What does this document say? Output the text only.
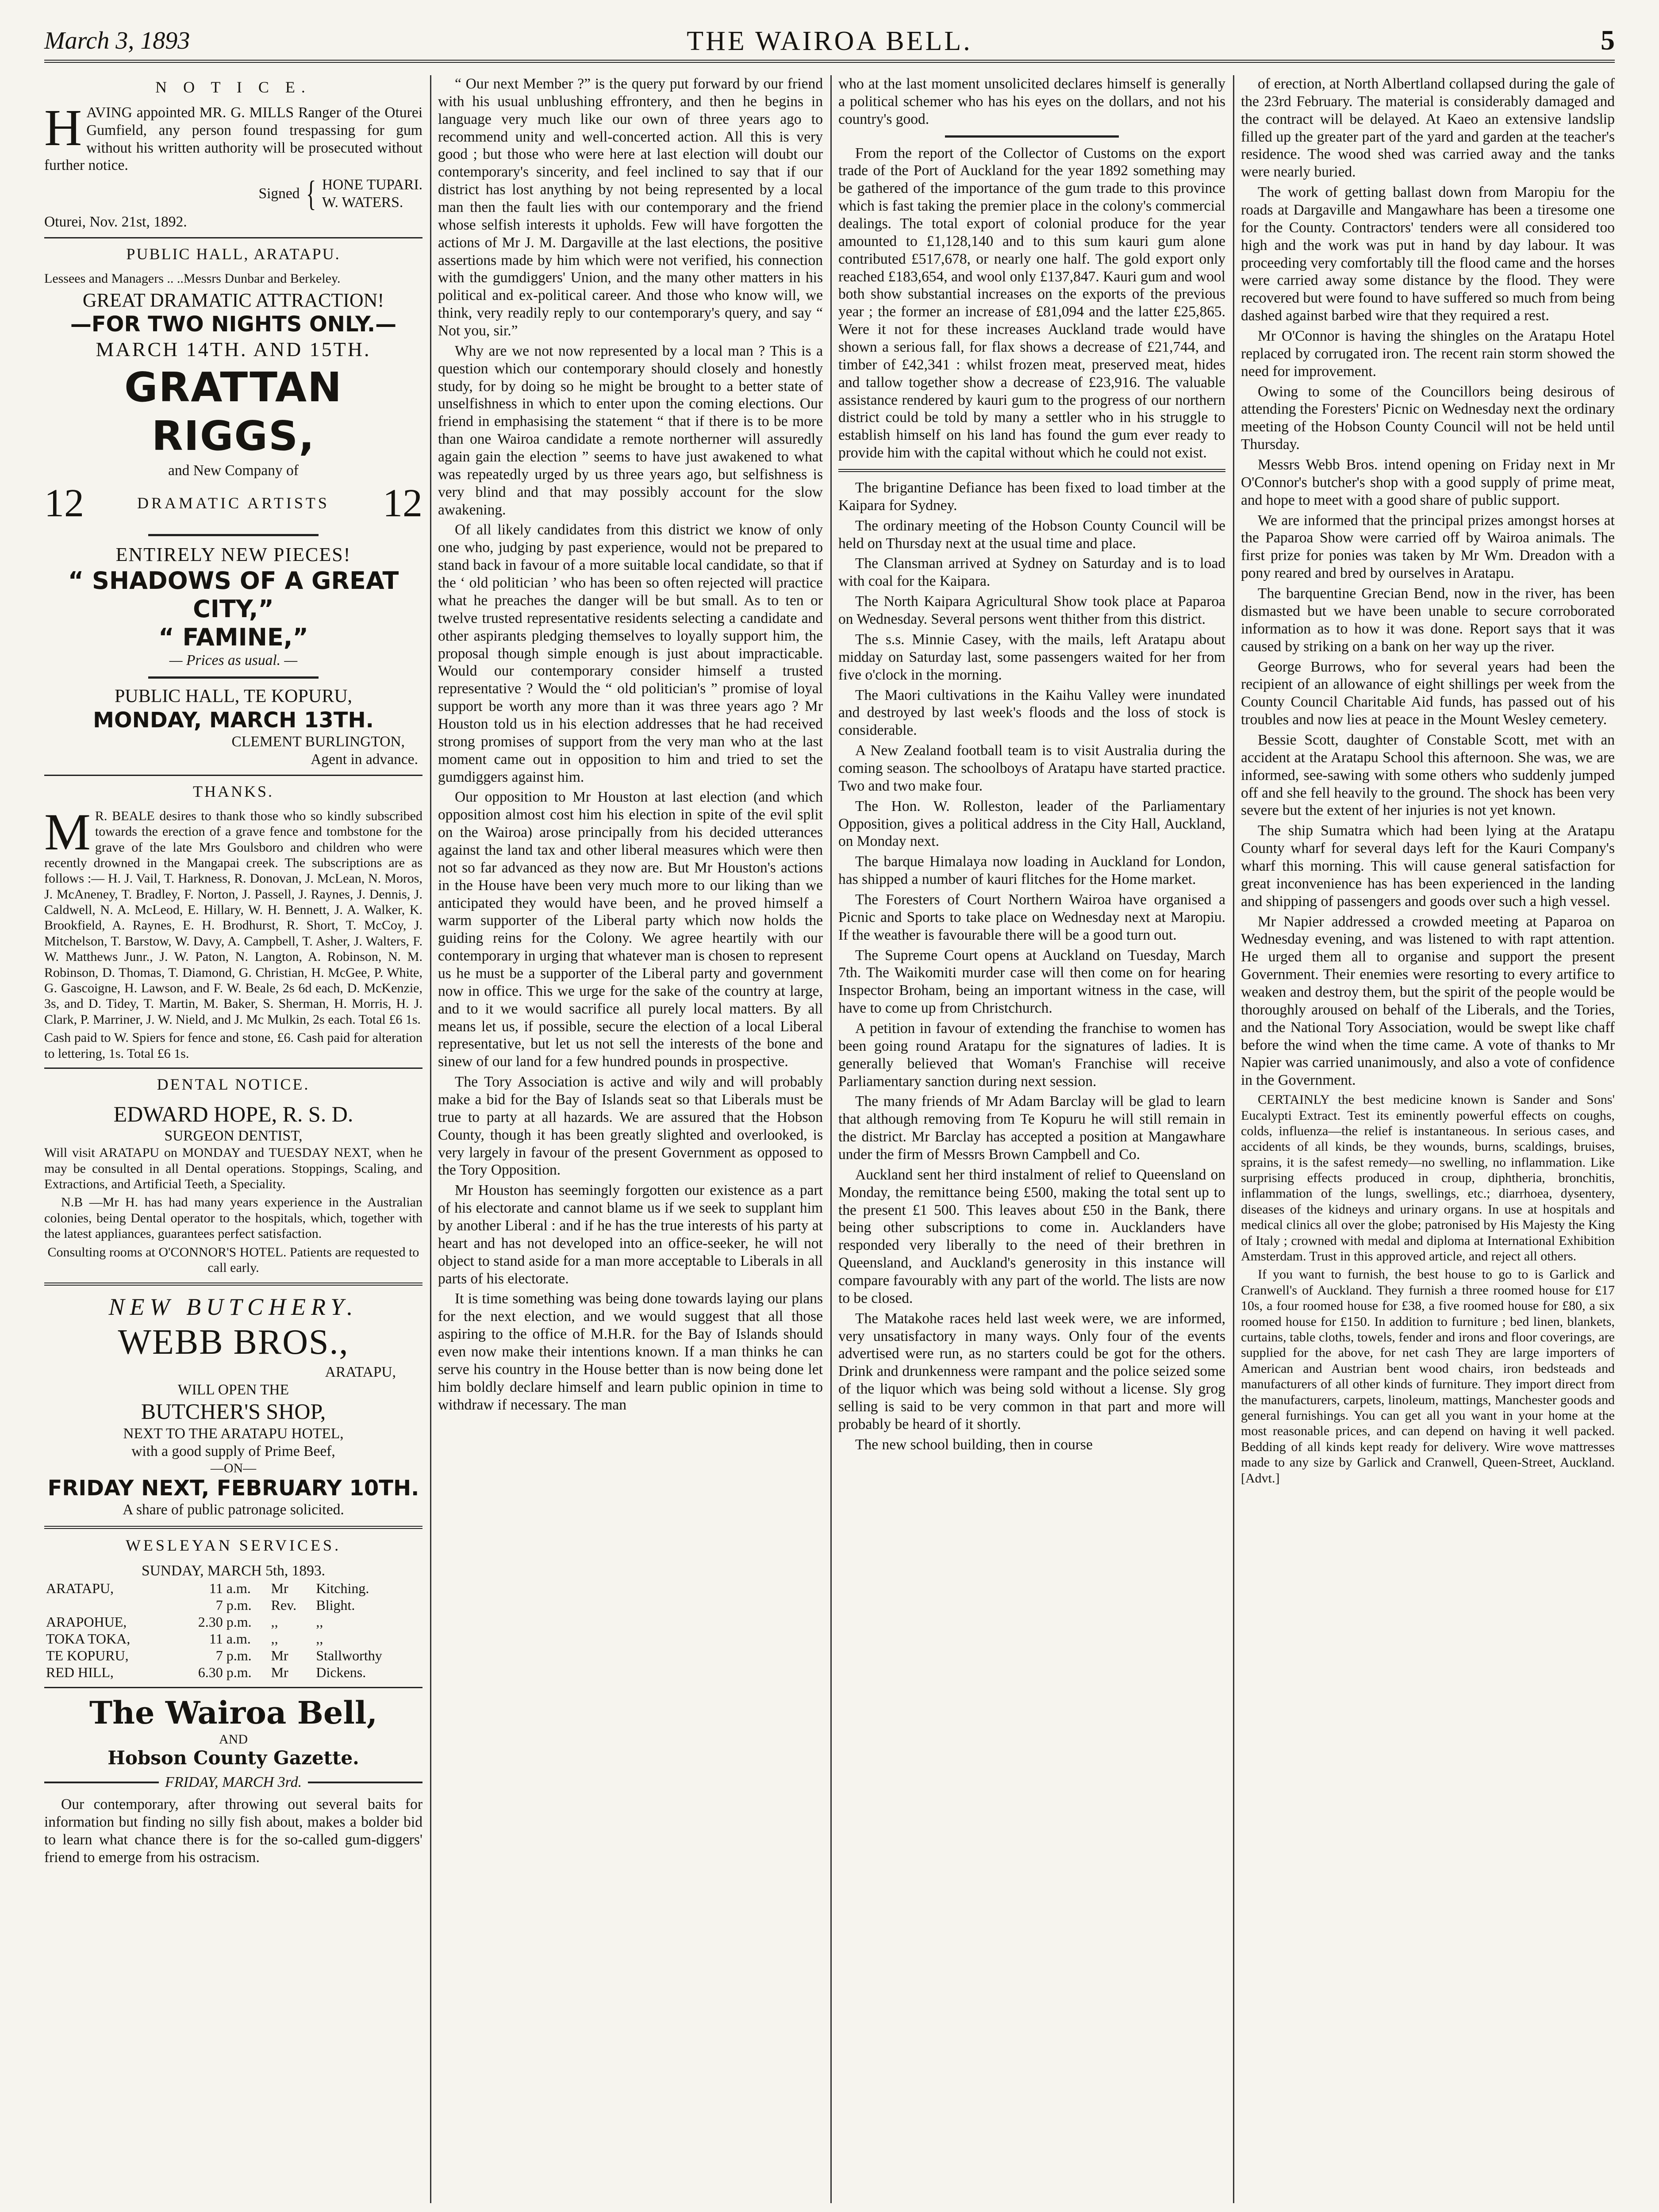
March 3, 1893	THE WAIROA BELL.	5
N O T I C E.
H AVING appointed MR. G. MILLS Ranger of the Oturei Gumfield, any person found trespassing for gum without his written authority will be prosecuted without further notice.
Signed { HONE TUPARI.
W. WATERS.

Oturei, Nov. 21st, 1892.

PUBLIC HALL, ARATAPU.

Lessees and Managers .. ..Messrs Dunbar and Berkeley.

GREAT DRAMATIC ATTRACTION!
—FOR TWO NIGHTS ONLY.—
MARCH 14TH. AND 15TH.
GRATTAN RIGGS,
and New Company of
12	DRAMATIC ARTISTS 12
ENTIRELY NEW PIECES!
“ SHADOWS OF A GREAT CITY,”
“ FAMINE,”
— Prices as usual. —
PUBLIC HALL, TE KOPURU,
MONDAY, MARCH 13TH.
CLEMENT BURLINGTON,
Agent in advance.
THANKS.
M R. BEALE desires to thank those who so kindly subscribed towards the erection of a grave fence and tombstone for the grave of the late Mrs Goulsboro and children who were recently drowned in the Mangapai creek. The subscriptions are as follows :— H. J. Vail, T. Harkness, R. Donovan, J. McLean, N. Moros, J. McAneney, T. Bradley, F. Norton, J. Passell, J. Raynes, J. Dennis, J. Caldwell, N. A. McLeod, E. Hillary, W. H. Bennett, J. A. Walker, K. Brookfield, A. Raynes, E. H. Brodhurst, R. Short, T. McCoy, J. Mitchelson, T. Barstow, W. Davy, A. Campbell, T. Asher, J. Walters, F. W. Matthews Junr., J. W. Paton, N. Langton, A. Robinson, N. M. Robinson, D. Thomas, T. Diamond, G. Christian, H. McGee, P. White, G. Gascoigne, H. Lawson, and F. W. Beale, 2s 6d each, D. McKenzie, 3s, and D. Tidey, T. Martin, M. Baker, S. Sherman, H. Morris, H. J. Clark, P. Marriner, J. W. Nield, and J. Mc Mulkin, 2s each. Total £6 1s.

Cash paid to W. Spiers for fence and stone, £6. Cash paid for alteration to lettering, 1s. Total £6 1s.

DENTAL NOTICE.
EDWARD HOPE, R. S. D.
SURGEON DENTIST,

Will visit ARATAPU on MONDAY and TUESDAY NEXT, when he may be consulted in all Dental operations. Stoppings, Scaling, and Extractions, and Artificial Teeth, a Speciality.

N.B —Mr H. has had many years experience in the Australian colonies, being Dental operator to the hospitals, which, together with the latest appliances, guarantees perfect satisfaction.

Consulting rooms at O'CONNOR'S HOTEL. Patients are requested to call early.

NEW BUTCHERY.
WEBB BROS.,
ARATAPU,
WILL OPEN THE
BUTCHER'S SHOP,
NEXT TO THE ARATAPU HOTEL,
with a good supply of Prime Beef,
—ON—
FRIDAY NEXT, FEBRUARY 10TH.
A share of public patronage solicited.
WESLEYAN SERVICES.
SUNDAY, MARCH 5th, 1893.
ARATAPU,	11	a.m.	Mr	Kitching.
	7	p.m.	Rev.	Blight.
ARAPOHUE,	2.30	p.m.	,,	,,
TOKA TOKA,	11	a.m.	,,	,,
TE KOPURU,	7	p.m.	Mr	Stallworthy
RED HILL,	6.30	p.m.	Mr	Dickens.
The Wairoa Bell,
AND
Hobson County Gazette.
FRIDAY, MARCH 3rd.

Our contemporary, after throwing out several baits for information but finding no silly fish about, makes a bolder bid to learn what chance there is for the so-called gum-diggers' friend to emerge from his ostracism.

“ Our next Member ?” is the query put forward by our friend with his usual unblushing effrontery, and then he begins in language very much like our own of three years ago to recommend unity and well-concerted action. All this is very good ; but those who were here at last election will doubt our contemporary's sincerity, and feel inclined to say that if our district has lost anything by not being represented by a local man then the fault lies with our contemporary and the friend whose selfish interests it upholds. Few will have forgotten the actions of Mr J. M. Dargaville at the last elections, the positive assertions made by him which were not verified, his connection with the gumdiggers' Union, and the many other matters in his political and ex-political career. And those who know will, we think, very readily reply to our contemporary's query, and say “ Not you, sir.”

Why are we not now represented by a local man ? This is a question which our contemporary should closely and honestly study, for by doing so he might be brought to a better state of unselfishness in which to enter upon the coming elections. Our friend in emphasising the statement “ that if there is to be more than one Wairoa candidate a remote northerner will assuredly again gain the election ” seems to have just awakened to what was repeatedly urged by us three years ago, but selfishness is very blind and that may possibly account for the slow awakening.

Of all likely candidates from this district we know of only one who, judging by past experience, would not be prepared to stand back in favour of a more suitable local candidate, so that if the ‘ old politician ’ who has been so often rejected will practice what he preaches the danger will be but small. As to ten or twelve trusted representative residents selecting a candidate and other aspirants pledging themselves to loyally support him, the proposal though simple enough is just about impracticable. Would our contemporary consider himself a trusted representative ? Would the “ old politician's ” promise of loyal support be worth any more than it was three years ago ? Mr Houston told us in his election addresses that he had received strong promises of support from the very man who at the last moment came out in opposition to him and tried to set the gumdiggers against him.

Our opposition to Mr Houston at last election (and which opposition almost cost him his election in spite of the evil split on the Wairoa) arose principally from his decided utterances against the land tax and other liberal measures which were then not so far advanced as they now are. But Mr Houston's actions in the House have been very much more to our liking than we anticipated they would have been, and he proved himself a warm supporter of the Liberal party which now holds the guiding reins for the Colony. We agree heartily with our contemporary in urging that whatever man is chosen to represent us he must be a supporter of the Liberal party and government now in office. This we urge for the sake of the country at large, and to it we would sacrifice all purely local matters. By all means let us, if possible, secure the election of a local Liberal representative, but let us not sell the interests of the bone and sinew of our land for a few hundred pounds in prospective.

The Tory Association is active and wily and will probably make a bid for the Bay of Islands seat so that Liberals must be true to party at all hazards. We are assured that the Hobson County, though it has been greatly slighted and overlooked, is very largely in favour of the present Government as opposed to the Tory Opposition.

Mr Houston has seemingly forgotten our existence as a part of his electorate and cannot blame us if we seek to supplant him by another Liberal : and if he has the true interests of his party at heart and has not developed into an office-seeker, he will not object to stand aside for a man more acceptable to Liberals in all parts of his electorate.

It is time something was being done towards laying our plans for the next election, and we would suggest that all those aspiring to the office of M.H.R. for the Bay of Islands should even now make their intentions known. If a man thinks he can serve his country in the House better than is now being done let him boldly declare himself and learn public opinion in time to withdraw if necessary. The man

who at the last moment unsolicited declares himself is generally a political schemer who has his eyes on the dollars, and not his country's good.

From the report of the Collector of Customs on the export trade of the Port of Auckland for the year 1892 something may be gathered of the importance of the gum trade to this province which is fast taking the premier place in the colony's commercial dealings. The total export of colonial produce for the year amounted to £1,128,140 and to this sum kauri gum alone contributed £517,678, or nearly one half. The gold export only reached £183,654, and wool only £137,847. Kauri gum and wool both show substantial increases on the exports of the previous year ; the former an increase of £81,094 and the latter £25,865. Were it not for these increases Auckland trade would have shown a serious fall, for flax shows a decrease of £21,744, and timber of £42,341 : whilst frozen meat, preserved meat, hides and tallow together show a decrease of £23,916. The valuable assistance rendered by kauri gum to the progress of our northern district could be told by many a settler who in his struggle to establish himself on his land has found the gum ever ready to provide him with the capital without which he could not exist.

The brigantine Defiance has been fixed to load timber at the Kaipara for Sydney.

The ordinary meeting of the Hobson County Council will be held on Thursday next at the usual time and place.

The Clansman arrived at Sydney on Saturday and is to load with coal for the Kaipara.

The North Kaipara Agricultural Show took place at Paparoa on Wednesday. Several persons went thither from this district.

The s.s. Minnie Casey, with the mails, left Aratapu about midday on Saturday last, some passengers waited for her from five o'clock in the morning.

The Maori cultivations in the Kaihu Valley were inundated and destroyed by last week's floods and the loss of stock is considerable.

A New Zealand football team is to visit Australia during the coming season. The schoolboys of Aratapu have started practice. Two and two make four.

The Hon. W. Rolleston, leader of the Parliamentary Opposition, gives a political address in the City Hall, Auckland, on Monday next.

The barque Himalaya now loading in Auckland for London, has shipped a number of kauri flitches for the Home market.

The Foresters of Court Northern Wairoa have organised a Picnic and Sports to take place on Wednesday next at Maropiu. If the weather is favourable there will be a good turn out.

The Supreme Court opens at Auckland on Tuesday, March 7th. The Waikomiti murder case will then come on for hearing Inspector Broham, being an important witness in the case, will have to come up from Christchurch.

A petition in favour of extending the franchise to women has been going round Aratapu for the signatures of ladies. It is generally believed that Woman's Franchise will receive Parliamentary sanction during next session.

The many friends of Mr Adam Barclay will be glad to learn that although removing from Te Kopuru he will still remain in the district. Mr Barclay has accepted a position at Mangawhare under the firm of Messrs Brown Campbell and Co.

Auckland sent her third instalment of relief to Queensland on Monday, the remittance being £500, making the total sent up to the present £1 500. This leaves about £50 in the Bank, there being other subscriptions to come in. Aucklanders have responded very liberally to the need of their brethren in Queensland, and Auckland's generosity in this instance will compare favourably with any part of the world. The lists are now to be closed.

The Matakohe races held last week were, we are informed, very unsatisfactory in many ways. Only four of the events advertised were run, as no starters could be got for the others. Drink and drunkenness were rampant and the police seized some of the liquor which was being sold without a license. Sly grog selling is said to be very common in that part and more will probably be heard of it shortly.

The new school building, then in course

of erection, at North Albertland collapsed during the gale of the 23rd February. The material is considerably damaged and the contract will be delayed. At Kaeo an extensive landslip filled up the greater part of the yard and garden at the teacher's residence. The wood shed was carried away and the tanks were nearly buried.

The work of getting ballast down from Maropiu for the roads at Dargaville and Mangawhare has been a tiresome one for the County. Contractors' tenders were all considered too high and the work was put in hand by day labour. It was proceeding very comfortably till the flood came and the horses were carried away some distance by the flood. They were recovered but were found to have suffered so much from being dashed against barbed wire that they required a rest.

Mr O'Connor is having the shingles on the Aratapu Hotel replaced by corrugated iron. The recent rain storm showed the need for improvement.

Owing to some of the Councillors being desirous of attending the Foresters' Picnic on Wednesday next the ordinary meeting of the Hobson County Council will not be held until Thursday.

Messrs Webb Bros. intend opening on Friday next in Mr O'Connor's butcher's shop with a good supply of prime meat, and hope to meet with a good share of public support.

We are informed that the principal prizes amongst horses at the Paparoa Show were carried off by Wairoa animals. The first prize for ponies was taken by Mr Wm. Dreadon with a pony reared and bred by ourselves in Aratapu.

The barquentine Grecian Bend, now in the river, has been dismasted but we have been unable to secure corroborated information as to how it was done. Report says that it was caused by striking on a bank on her way up the river.

George Burrows, who for several years had been the recipient of an allowance of eight shillings per week from the County Council Charitable Aid funds, has passed out of his troubles and now lies at peace in the Mount Wesley cemetery.

Bessie Scott, daughter of Constable Scott, met with an accident at the Aratapu School this afternoon. She was, we are informed, see-sawing with some others who suddenly jumped off and she fell heavily to the ground. The shock has been very severe but the extent of her injuries is not yet known.

The ship Sumatra which had been lying at the Aratapu County wharf for several days left for the Kauri Company's wharf this morning. This will cause general satisfaction for great inconvenience has has been experienced in the landing and shipping of passengers and goods over such a high vessel.

Mr Napier addressed a crowded meeting at Paparoa on Wednesday evening, and was listened to with rapt attention. He urged them all to organise and support the present Government. Their enemies were resorting to every artifice to weaken and destroy them, but the spirit of the people would be thoroughly aroused on behalf of the Liberals, and the Tories, and the National Tory Association, would be swept like chaff before the wind when the time came. A vote of thanks to Mr Napier was carried unanimously, and also a vote of confidence in the Government.

CERTAINLY the best medicine known is Sander and Sons' Eucalypti Extract. Test its eminently powerful effects on coughs, colds, influenza—the relief is instantaneous. In serious cases, and accidents of all kinds, be they wounds, burns, scaldings, bruises, sprains, it is the safest remedy—no swelling, no inflammation. Like surprising effects produced in croup, diphtheria, bronchitis, inflammation of the lungs, swellings, etc.; diarrhoea, dysentery, diseases of the kidneys and urinary organs. In use at hospitals and medical clinics all over the globe; patronised by His Majesty the King of Italy ; crowned with medal and diploma at International Exhibition Amsterdam. Trust in this approved article, and reject all others.

If you want to furnish, the best house to go to is Garlick and Cranwell's of Auckland. They furnish a three roomed house for £17 10s, a four roomed house for £38, a five roomed house for £80, a six roomed house for £150. In addition to furniture ; bed linen, blankets, curtains, table cloths, towels, fender and irons and floor coverings, are supplied for the above, for net cash They are large importers of American and Austrian bent wood chairs, iron bedsteads and manufacturers of all other kinds of furniture. They import direct from the manufacturers, carpets, linoleum, mattings, Manchester goods and general furnishings. You can get all you want in your home at the most reasonable prices, and can depend on having it well packed. Bedding of all kinds kept ready for delivery. Wire wove mattresses made to any size by Garlick and Cranwell, Queen-Street, Auckland. [Advt.]
